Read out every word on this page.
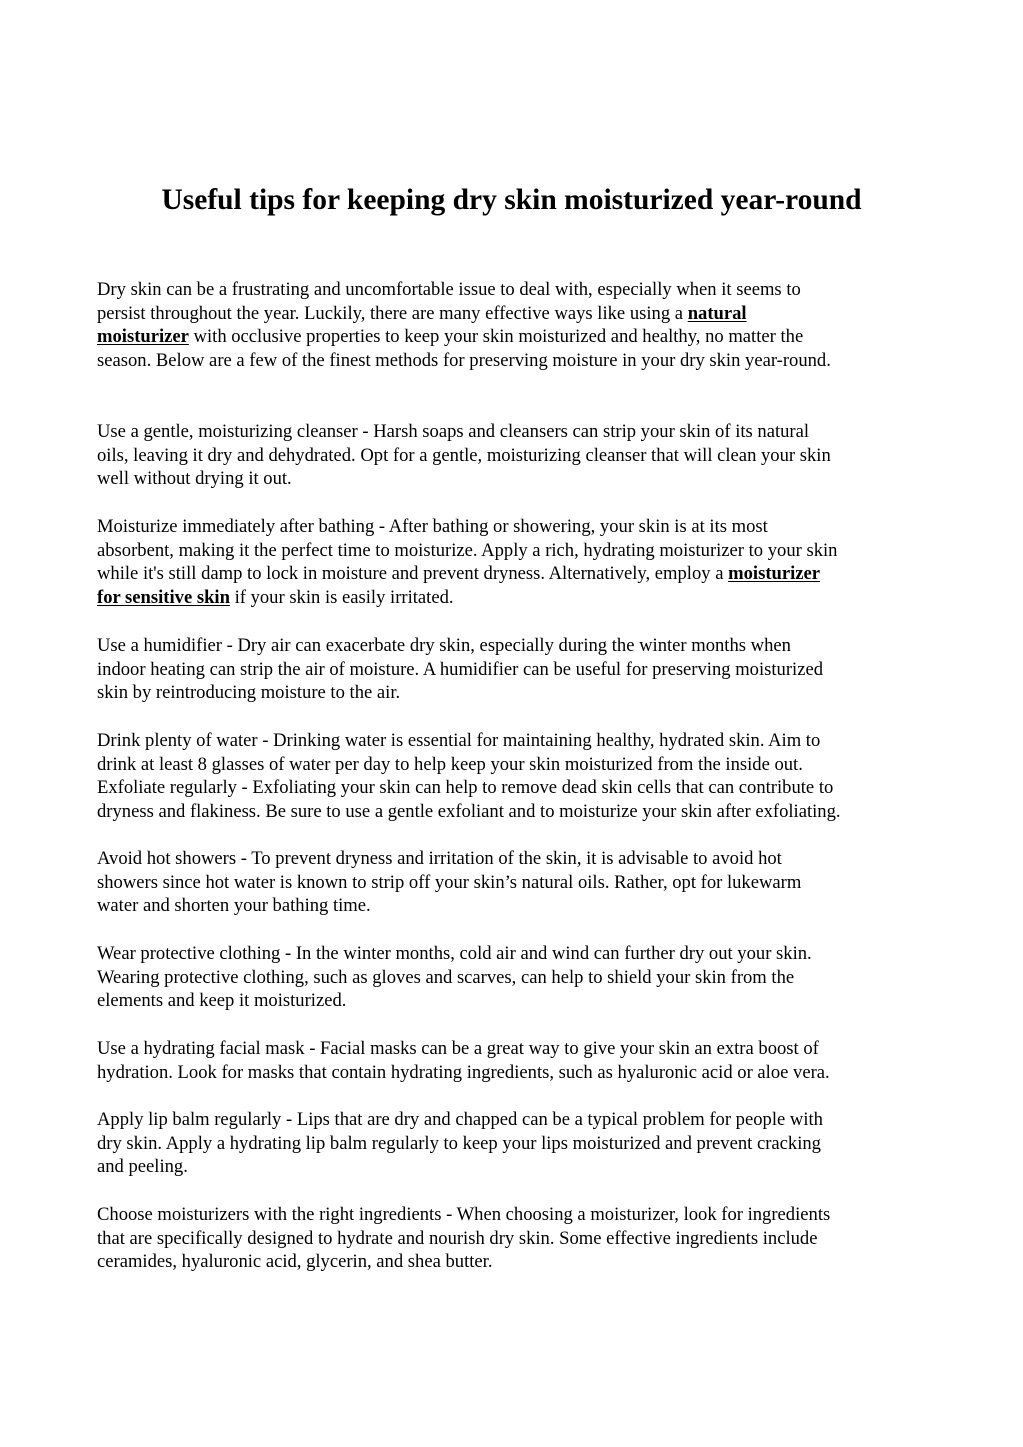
Useful tips for keeping dry skin moisturized year-round

Dry skin can be a frustrating and uncomfortable issue to deal with, especially when it seems to
persist throughout the year. Luckily, there are many effective ways like using a natural
moisturizer with occlusive properties to keep your skin moisturized and healthy, no matter the
season. Below are a few of the finest methods for preserving moisture in your dry skin year-round.

Use a gentle, moisturizing cleanser - Harsh soaps and cleansers can strip your skin of its natural
oils, leaving it dry and dehydrated. Opt for a gentle, moisturizing cleanser that will clean your skin
well without drying it out.

Moisturize immediately after bathing - After bathing or showering, your skin is at its most
absorbent, making it the perfect time to moisturize. Apply a rich, hydrating moisturizer to your skin
while it's still damp to lock in moisture and prevent dryness. Alternatively, employ a moisturizer
for sensitive skin if your skin is easily irritated.

Use a humidifier - Dry air can exacerbate dry skin, especially during the winter months when
indoor heating can strip the air of moisture. A humidifier can be useful for preserving moisturized
skin by reintroducing moisture to the air.

Drink plenty of water - Drinking water is essential for maintaining healthy, hydrated skin. Aim to
drink at least 8 glasses of water per day to help keep your skin moisturized from the inside out.
Exfoliate regularly - Exfoliating your skin can help to remove dead skin cells that can contribute to
dryness and flakiness. Be sure to use a gentle exfoliant and to moisturize your skin after exfoliating.

Avoid hot showers - To prevent dryness and irritation of the skin, it is advisable to avoid hot
showers since hot water is known to strip off your skin’s natural oils. Rather, opt for lukewarm
water and shorten your bathing time.

Wear protective clothing - In the winter months, cold air and wind can further dry out your skin.
Wearing protective clothing, such as gloves and scarves, can help to shield your skin from the
elements and keep it moisturized.

Use a hydrating facial mask - Facial masks can be a great way to give your skin an extra boost of
hydration. Look for masks that contain hydrating ingredients, such as hyaluronic acid or aloe vera.

Apply lip balm regularly - Lips that are dry and chapped can be a typical problem for people with
dry skin. Apply a hydrating lip balm regularly to keep your lips moisturized and prevent cracking
and peeling.

Choose moisturizers with the right ingredients - When choosing a moisturizer, look for ingredients
that are specifically designed to hydrate and nourish dry skin. Some effective ingredients include
ceramides, hyaluronic acid, glycerin, and shea butter.
